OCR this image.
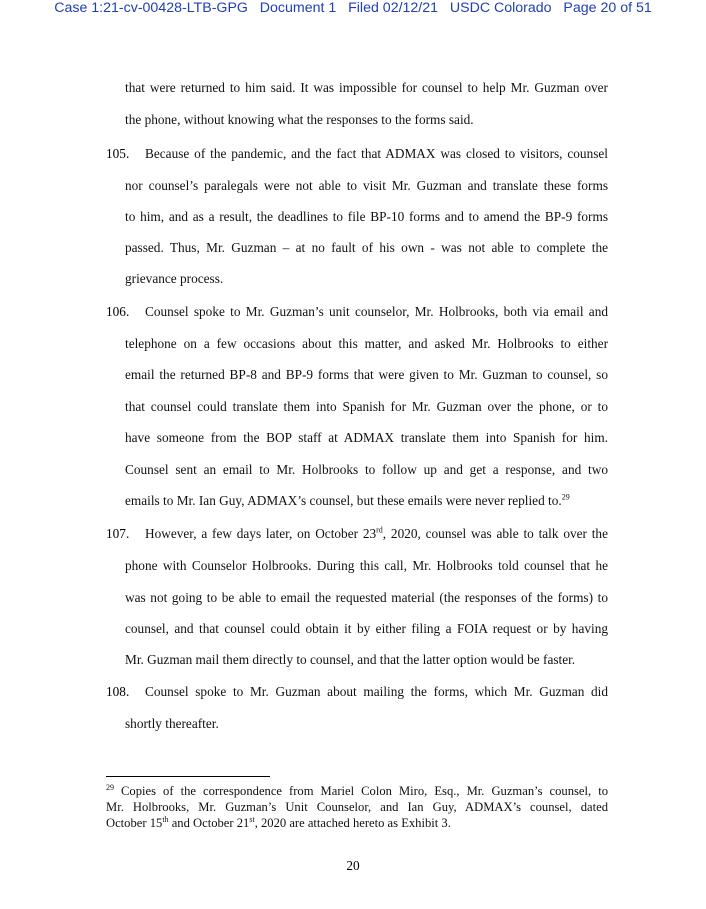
Case 1:21-cv-00428-LTB-GPG Document 1 Filed 02/12/21 USDC Colorado Page 20 of 51
that were returned to him said. It was impossible for counsel to help Mr. Guzman over
the phone, without knowing what the responses to the forms said.
105. Because of the pandemic, and the fact that ADMAX was closed to visitors, counsel
nor counsel’s paralegals were not able to visit Mr. Guzman and translate these forms
to him, and as a result, the deadlines to file BP-10 forms and to amend the BP-9 forms
passed. Thus, Mr. Guzman – at no fault of his own - was not able to complete the
grievance process.
106. Counsel spoke to Mr. Guzman’s unit counselor, Mr. Holbrooks, both via email and
telephone on a few occasions about this matter, and asked Mr. Holbrooks to either
email the returned BP-8 and BP-9 forms that were given to Mr. Guzman to counsel, so
that counsel could translate them into Spanish for Mr. Guzman over the phone, or to
have someone from the BOP staff at ADMAX translate them into Spanish for him.
Counsel sent an email to Mr. Holbrooks to follow up and get a response, and two
emails to Mr. Ian Guy, ADMAX’s counsel, but these emails were never replied to.$^{29}$
107. However, a few days later, on October 23rd, 2020, counsel was able to talk over the
phone with Counselor Holbrooks. During this call, Mr. Holbrooks told counsel that he
was not going to be able to email the requested material (the responses of the forms) to
counsel, and that counsel could obtain it by either filing a FOIA request or by having
Mr. Guzman mail them directly to counsel, and that the latter option would be faster.
108. Counsel spoke to Mr. Guzman about mailing the forms, which Mr. Guzman did
shortly thereafter.
$^{29}$ Copies of the correspondence from Mariel Colon Miro, Esq., Mr. Guzman’s counsel, to
Mr. Holbrooks, Mr. Guzman’s Unit Counselor, and Ian Guy, ADMAX’s counsel, dated
October 15th and October 21st, 2020 are attached hereto as Exhibit 3.
20
